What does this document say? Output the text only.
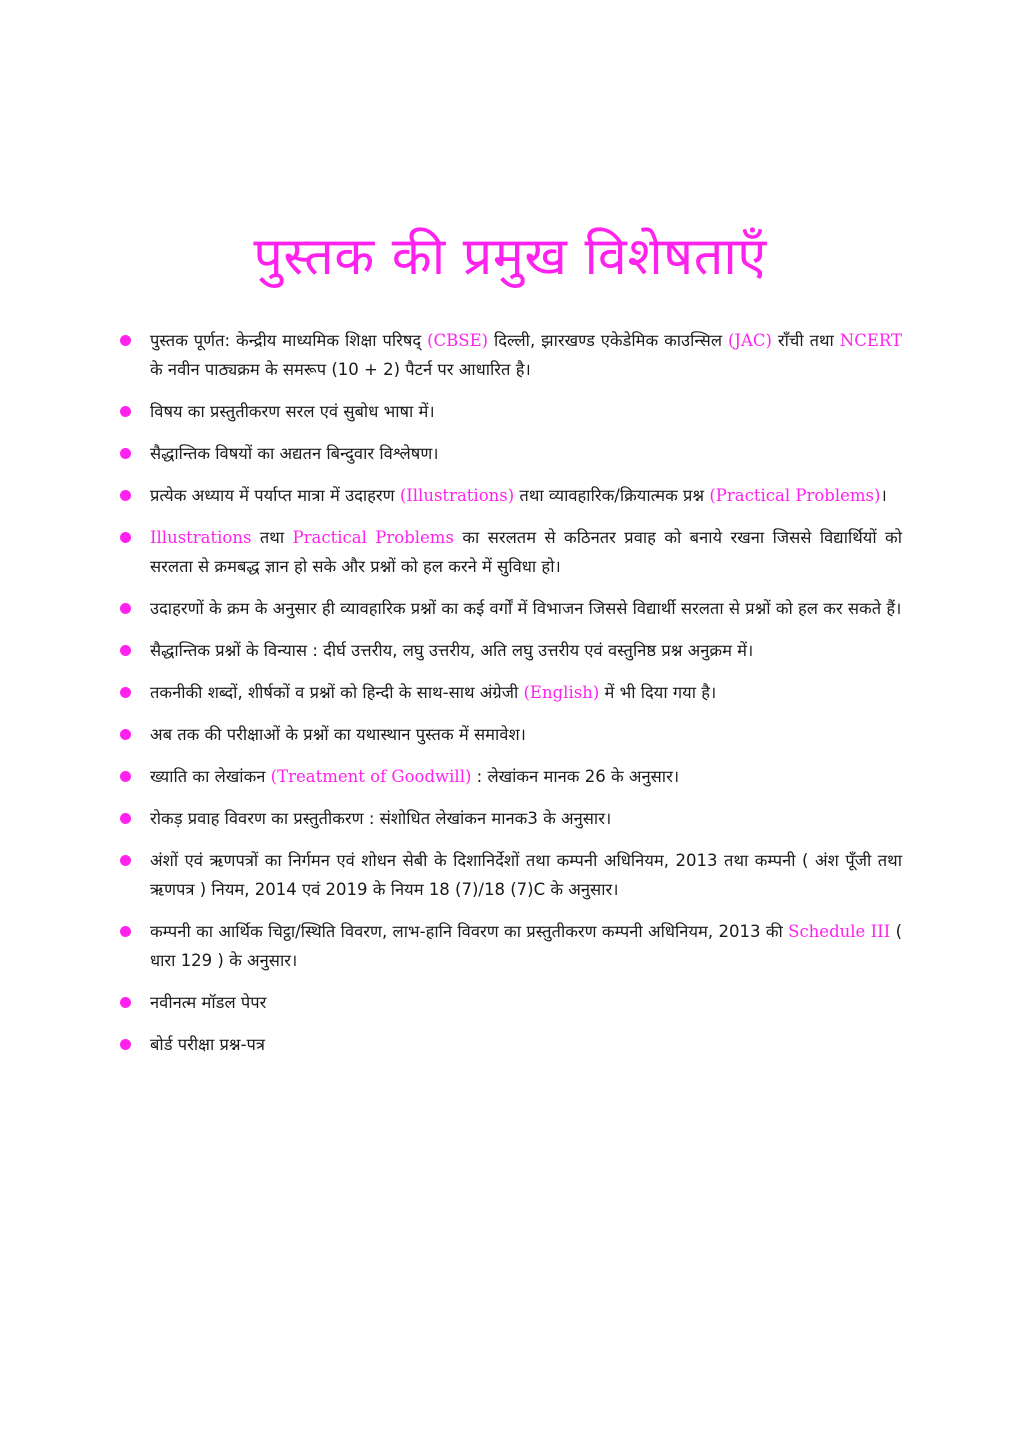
पुस्तक की प्रमुख विशेषताएँ
पुस्तक पूर्णत: केन्द्रीय माध्यमिक शिक्षा परिषद् (CBSE) दिल्ली, झारखण्ड एकेडेमिक काउन्सिल (JAC) राँची तथा NCERT के नवीन पाठ्यक्रम के समरूप (10 + 2) पैटर्न पर आधारित है।
विषय का प्रस्तुतीकरण सरल एवं सुबोध भाषा में।
सैद्धान्तिक विषयों का अद्यतन बिन्दुवार विश्लेषण।
प्रत्येक अध्याय में पर्याप्त मात्रा में उदाहरण (Illustrations) तथा व्यावहारिक/क्रियात्मक प्रश्न (Practical Problems)।
Illustrations तथा Practical Problems का सरलतम से कठिनतर प्रवाह को बनाये रखना जिससे विद्यार्थियों को सरलता से क्रमबद्ध ज्ञान हो सके और प्रश्नों को हल करने में सुविधा हो।
उदाहरणों के क्रम के अनुसार ही व्यावहारिक प्रश्नों का कई वर्गों में विभाजन जिससे विद्यार्थी सरलता से प्रश्नों को हल कर सकते हैं।
सैद्धान्तिक प्रश्नों के विन्यास : दीर्घ उत्तरीय, लघु उत्तरीय, अति लघु उत्तरीय एवं वस्तुनिष्ठ प्रश्न अनुक्रम में।
तकनीकी शब्दों, शीर्षकों व प्रश्नों को हिन्दी के साथ-साथ अंग्रेजी (English) में भी दिया गया है।
अब तक की परीक्षाओं के प्रश्नों का यथास्थान पुस्तक में समावेश।
ख्याति का लेखांकन (Treatment of Goodwill) : लेखांकन मानक 26 के अनुसार।
रोकड़ प्रवाह विवरण का प्रस्तुतीकरण : संशोधित लेखांकन मानक3 के अनुसार।
अंशों एवं ऋणपत्रों का निर्गमन एवं शोधन सेबी के दिशानिर्देशों तथा कम्पनी अधिनियम, 2013 तथा कम्पनी ( अंश पूँजी तथा ऋणपत्र ) नियम, 2014 एवं 2019 के नियम 18 (7)/18 (7)C के अनुसार।
कम्पनी का आर्थिक चिट्ठा/स्थिति विवरण, लाभ-हानि विवरण का प्रस्तुतीकरण कम्पनी अधिनियम, 2013 की Schedule III ( धारा 129 ) के अनुसार।
नवीनत्म मॉडल पेपर
बोर्ड परीक्षा प्रश्न-पत्र
